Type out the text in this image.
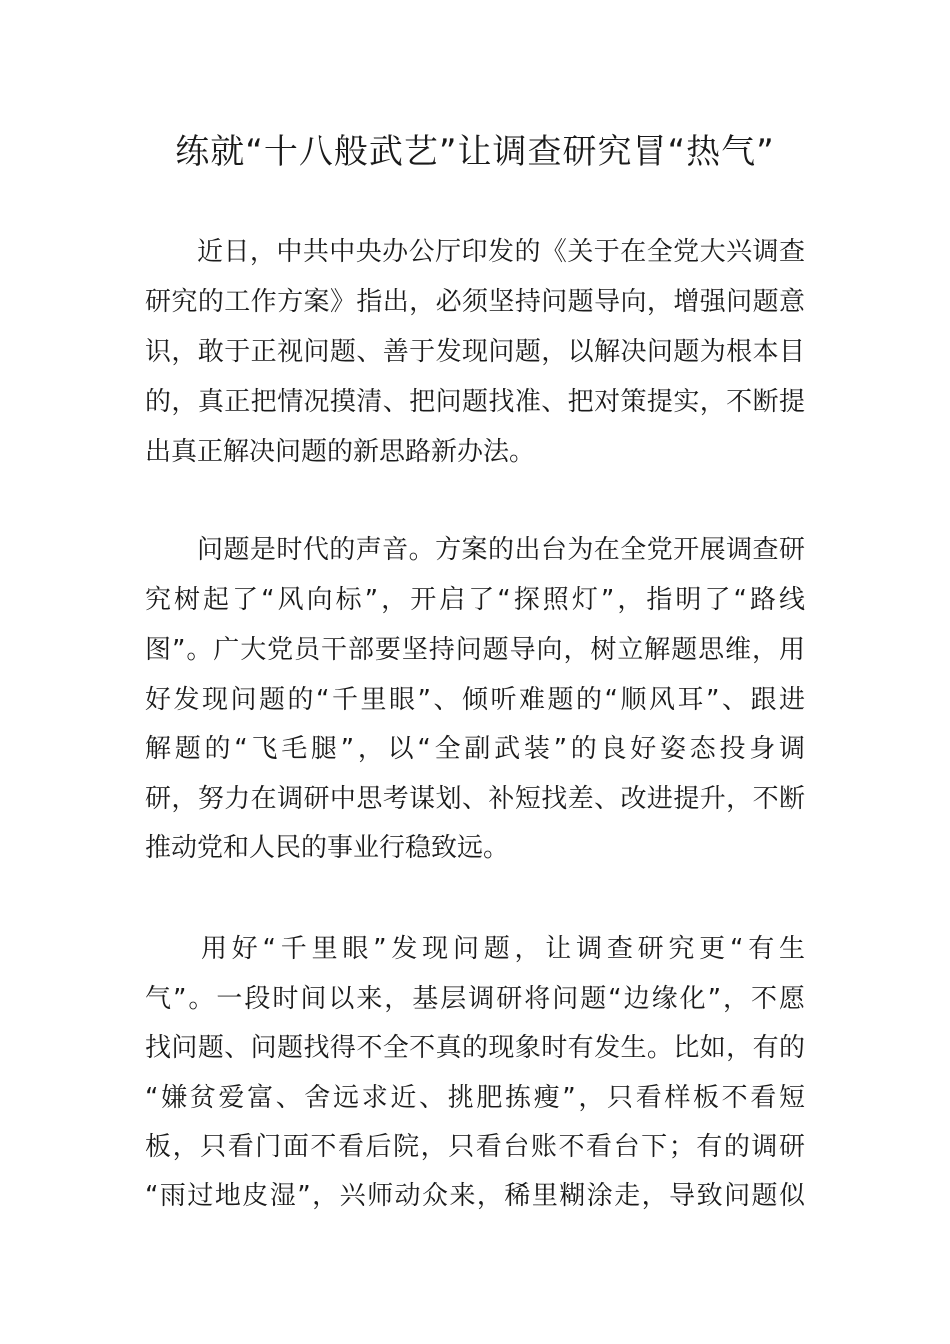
练就“十八般武艺”让调查研究冒“热气”

近日，中共中央办公厅印发的《关于在全党大兴调查

研究的工作方案》指出，必须坚持问题导向，增强问题意

识，敢于正视问题、善于发现问题，以解决问题为根本目

的，真正把情况摸清、把问题找准、把对策提实，不断提

出真正解决问题的新思路新办法。

问题是时代的声音。方案的出台为在全党开展调查研

究树起了“风向标”，开启了“探照灯”，指明了“路线

图”。广大党员干部要坚持问题导向，树立解题思维，用

好发现问题的“千里眼”、倾听难题的“顺风耳”、跟进

解题的“飞毛腿”，以“全副武装”的良好姿态投身调

研，努力在调研中思考谋划、补短找差、改进提升，不断

推动党和人民的事业行稳致远。

用好“千里眼”发现问题，让调查研究更“有生

气”。一段时间以来，基层调研将问题“边缘化”，不愿

找问题、问题找得不全不真的现象时有发生。比如，有的

“嫌贫爱富、舍远求近、挑肥拣瘦”，只看样板不看短

板，只看门面不看后院，只看台账不看台下；有的调研

“雨过地皮湿”，兴师动众来，稀里糊涂走，导致问题似
